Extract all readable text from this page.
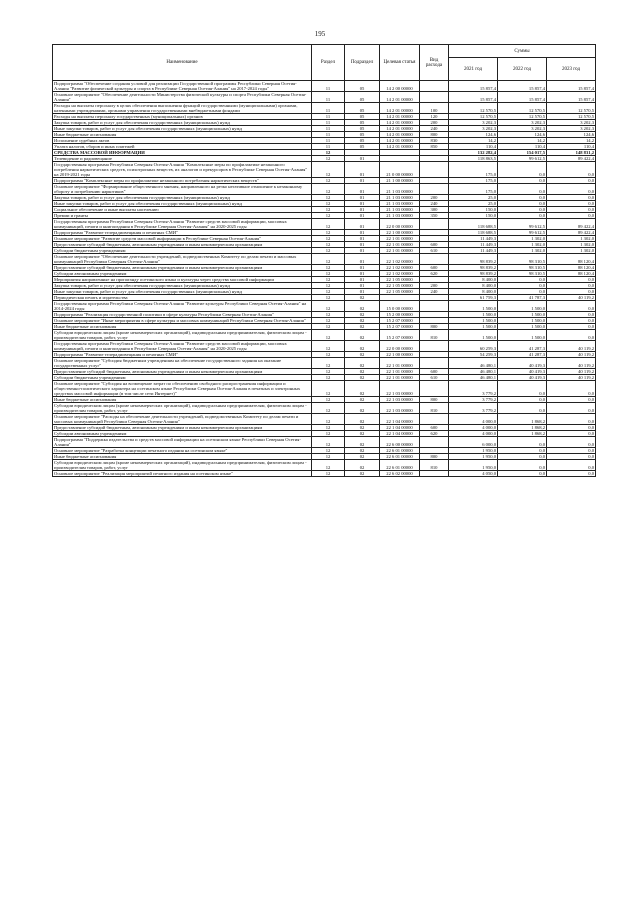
195
Наименование	Раздел	Подраздел	Целевая статья	Вид расхода	Суммы		
					2021 год	2022 год	2023 год
Подпрограмма "Обеспечение создания условий для реализации Государственной программы Республики Северная Осетия-Алания "Развитие физической культуры и спорта в Республике Северная Осетия-Алания" на 2017-2024 годы"	11	05	14 2 00 00000		15 857,4	15 857,4	15 857,4
Основное мероприятие "Обеспечение деятельности Министерства физической культуры и спорта Республики Северная Осетия-Алания"	11	05	14 2 01 00000		15 857,4	15 857,4	15 857,4
Расходы на выплаты персоналу в целях обеспечения выполнения функций государственными (муниципальными) органами, казенными учреждениями, органами управления государственными внебюджетными фондами	11	05	14 2 01 00000	100	12 570,5	12 570,5	12 570,5
Расходы на выплаты персоналу государственных (муниципальных) органов	11	05	14 2 01 00000	120	12 570,5	12 570,5	12 570,5
Закупка товаров, работ и услуг для обеспечения государственных (муниципальных) нужд	11	05	14 2 01 00000	200	3 202,3	3 202,3	3 202,3
Иные закупки товаров, работ и услуг для обеспечения государственных (муниципальных) нужд	11	05	14 2 01 00000	240	3 202,3	3 202,3	3 202,3
Иные бюджетные ассигнования	11	05	14 2 01 00000	800	124,6	124,6	124,6
Исполнение судебных актов	11	05	14 2 01 00000	830	14,2	14,2	14,2
Уплата налогов, сборов и иных платежей	11	05	14 2 01 00000	850	110,4	110,4	110,4
СРЕДСТВА МАССОВОЙ ИНФОРМАЦИИ	12				132 282,4	154 017,5	148 831,2
Телевидение и радиовещание	12	01			118 863,5	99 612,5	89 422,4
Государственная программа Республики Северная Осетия-Алания "Комплексные меры по профилактике незаконного потребления наркотических средств, психотропных веществ, их аналогов и прекурсоров в Республике Северная Осетия-Алания" на 2019-2021 годы	12	01	21 0 00 00000		175,0	0,0	0,0
Подпрограмма "Комплексные меры по профилактике незаконного потребления наркотических веществ"	12	01	21 1 00 00000		175,0	0,0	0,0
Основное мероприятие "Формирование общественного мнения, направленного на резко негативное отношение к незаконному обороту и потреблению наркотиков"	12	01	21 1 03 00000		175,0	0,0	0,0
Закупка товаров, работ и услуг для обеспечения государственных (муниципальных) нужд	12	01	21 1 03 00000	200	25,0	0,0	0,0
Иные закупки товаров, работ и услуг для обеспечения государственных (муниципальных) нужд	12	01	21 1 03 00000	240	25,0	0,0	0,0
Социальное обеспечение и иные выплаты населению	12	01	21 1 03 00000	300	150,0	0,0	0,0
Премии и гранты	12	01	21 1 03 00000	350	150,0	0,0	0,0
Государственная программа Республики Северная Осетия-Алания "Развитие средств массовой информации, массовых коммуникаций, печати и книгоиздания в Республике Северная Осетия-Алания" на 2020-2025 годы	12	01	22 0 00 00000		118 688,5	99 612,5	89 422,4
Подпрограмма "Развитие телерадиовещания и печатных СМИ"	12	01	22 1 00 00000		118 688,5	99 612,5	89 422,4
Основное мероприятие "Развитие средств массовой информации в Республике Северная Осетия-Алания"	12	01	22 1 01 00000		11 449,3	1 302,0	1 302,0
Предоставление субсидий бюджетным, автономным учреждениям и иным некоммерческим организациям	12	01	22 1 01 00000	600	11 449,3	1 302,0	1 302,0
Субсидии бюджетным учреждениям	12	01	22 1 01 00000	610	11 449,3	1 302,0	1 302,0
Основное мероприятие "Обеспечение деятельности учреждений, подведомственных Комитету по делам печати и массовых коммуникаций Республики Северная Осетия-Алания"	12	01	22 1 02 00000		98 839,2	98 310,5	88 120,4
Предоставление субсидий бюджетным, автономным учреждениям и иным некоммерческим организациям	12	01	22 1 02 00000	600	98 839,2	98 310,5	88 120,4
Субсидии автономным учреждениям	12	01	22 1 02 00000	620	98 839,2	98 310,5	88 120,4
Мероприятия направленные на пропаганду осетинского языка и культуры через средства массовой информации	12	01	22 1 05 00000		8 400,0	0,0	0,0
Закупка товаров, работ и услуг для обеспечения государственных (муниципальных) нужд	12	01	22 1 05 00000	200	8 400,0	0,0	0,0
Иные закупки товаров, работ и услуг для обеспечения государственных (муниципальных) нужд	12	01	22 1 05 00000	240	8 400,0	0,0	0,0
Периодическая печать и издательства	12	02			61 759,3	41 787,3	40 119,2
Государственная программа Республики Северная Осетия-Алания "Развитие культуры Республики Северная Осетия-Алания" на 2014-2024 годы	12	02	15 0 00 00000		1 500,0	1 500,0	0,0
Подпрограмма "Реализация государственной политики в сфере культуры Республики Северная Осетия-Алания"	12	02	15 2 00 00000		1 500,0	1 500,0	0,0
Основное мероприятие "Иные мероприятия в сфере культуры и массовых коммуникаций Республики Северная Осетия-Алания"	12	02	15 2 07 00000		1 500,0	1 500,0	0,0
Иные бюджетные ассигнования	12	02	15 2 07 00000	800	1 500,0	1 500,0	0,0
Субсидии юридическим лицам (кроме некоммерческих организаций), индивидуальным предпринимателям, физическим лицам - производителям товаров, работ, услуг	12	02	15 2 07 00000	810	1 500,0	1 500,0	0,0
Государственная программа Республики Северная Осетия-Алания "Развитие средств массовой информации, массовых коммуникаций, печати и книгоиздания в Республике Северная Осетия-Алания" на 2020-2025 годы	12	02	22 0 00 00000		60 259,3	41 287,3	40 119,2
Подпрограмма "Развитие телерадиовещания и печатных СМИ"	12	02	22 1 00 00000		54 259,3	41 287,3	40 119,2
Основное мероприятие "Субсидия бюджетным учреждениям на обеспечение государственного задания на оказание государственных услуг"	12	02	22 1 01 00000		46 480,1	40 419,3	40 119,2
Предоставление субсидий бюджетным, автономным учреждениям и иным некоммерческим организациям	12	02	22 1 01 00000	600	46 480,1	40 419,3	40 119,2
Субсидии бюджетным учреждениям	12	02	22 1 01 00000	610	46 480,1	40 419,3	40 119,2
Основное мероприятие "Субсидия на возмещение затрат по обеспечению свободного распространения информации и общественно-политического характера на осетинском языке Республики Северная Осетия-Алания в печатных и электронных средствах массовой информации (в том числе сети Интернет)"	12	02	22 1 03 00000		3 779,2	0,0	0,0
Иные бюджетные ассигнования	12	02	22 1 03 00000	800	3 779,2	0,0	0,0
Субсидии юридическим лицам (кроме некоммерческих организаций), индивидуальным предпринимателям, физическим лицам - производителям товаров, работ, услуг	12	02	22 1 03 00000	810	3 779,2	0,0	0,0
Основное мероприятие "Расходы на обеспечение деятельности учреждений, подведомственных Комитету по делам печати и массовых коммуникаций Республики Северная Осетия-Алания"	12	02	22 1 04 00000		4 000,0	1 868,2	0,0
Предоставление субсидий бюджетным, автономным учреждениям и иным некоммерческим организациям	12	02	22 1 04 00000	600	4 000,0	1 868,2	0,0
Субсидии автономным учреждениям	12	02	22 1 04 00000	620	4 000,0	1 868,2	0,0
Подпрограмма "Поддержка издательства и средств массовой информации на осетинском языке Республики Северная Осетия-Алания"	12	02	22 6 00 00000		6 000,0	0,0	0,0
Основное мероприятие "Разработка концепции печатного издания на осетинском языке"	12	02	22 6 01 00000		1 950,0	0,0	0,0
Иные бюджетные ассигнования	12	02	22 6 01 00000	800	1 950,0	0,0	0,0
Субсидии юридическим лицам (кроме некоммерческих организаций), индивидуальным предпринимателям, физическим лицам - производителям товаров, работ, услуг	12	02	22 6 01 00000	810	1 950,0	0,0	0,0
Основное мероприятие "Реализация мероприятий печатного издания на осетинском языке"	12	02	22 6 02 00000		4 050,0	0,0	0,0
